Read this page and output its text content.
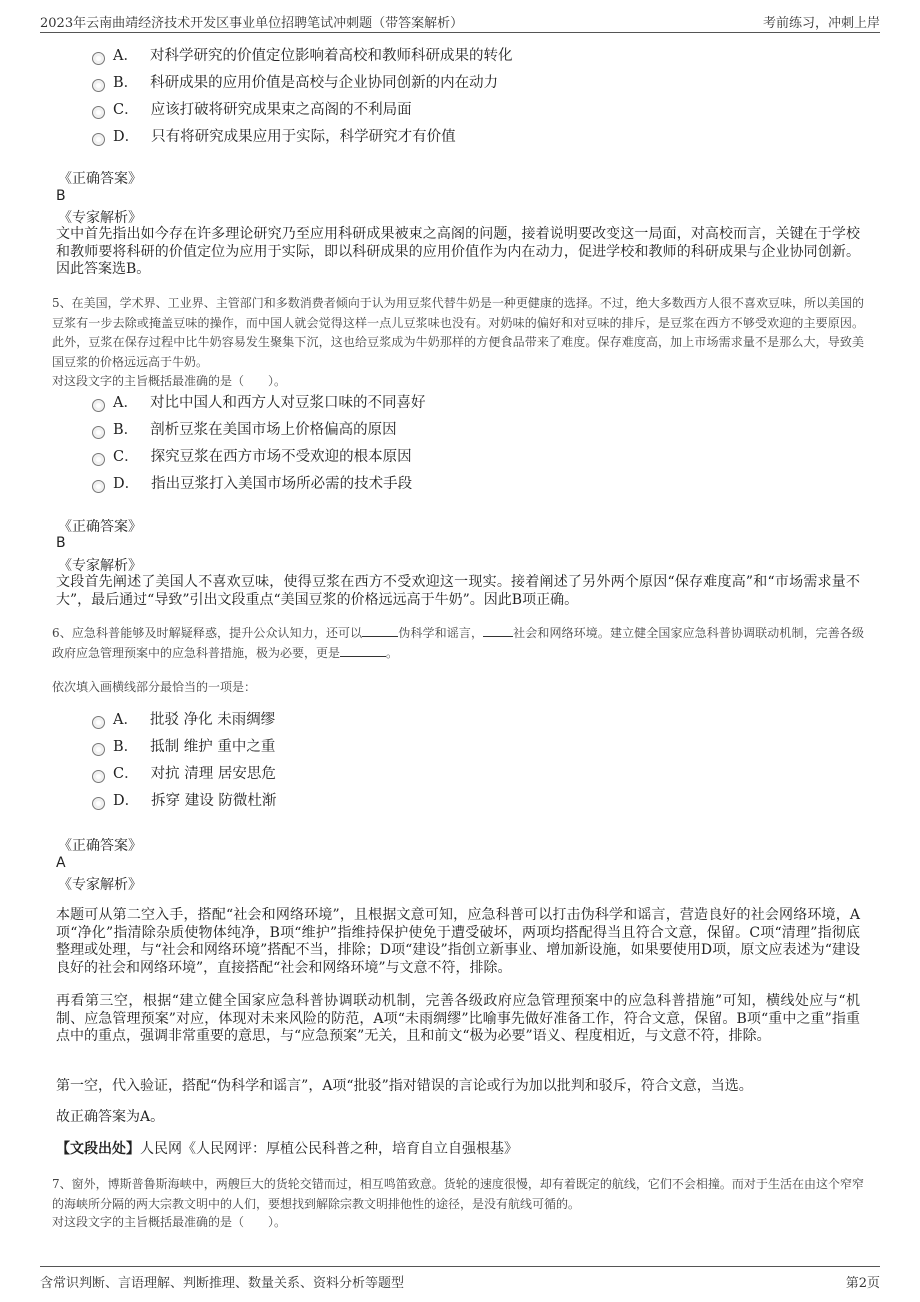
2023年云南曲靖经济技术开发区事业单位招聘笔试冲刺题（带答案解析）	考前练习，冲刺上岸
A． 对科学研究的价值定位影响着高校和教师科研成果的转化
B． 科研成果的应用价值是高校与企业协同创新的内在动力
C． 应该打破将研究成果束之高阁的不利局面
D． 只有将研究成果应用于实际，科学研究才有价值
《正确答案》
B
《专家解析》
文中首先指出如今存在许多理论研究乃至应用科研成果被束之高阁的问题，接着说明要改变这一局面，对高校而言，关键在于学校和教师要将科研的价值定位为应用于实际，即以科研成果的应用价值作为内在动力，促进学校和教师的科研成果与企业协同创新。因此答案选B。
5、在美国，学术界、工业界、主管部门和多数消费者倾向于认为用豆浆代替牛奶是一种更健康的选择。不过，绝大多数西方人很不喜欢豆味，所以美国的豆浆有一步去除或掩盖豆味的操作，而中国人就会觉得这样一点儿豆浆味也没有。对奶味的偏好和对豆味的排斥，是豆浆在西方不够受欢迎的主要原因。此外，豆浆在保存过程中比牛奶容易发生聚集下沉，这也给豆浆成为牛奶那样的方便食品带来了难度。保存难度高，加上市场需求量不是那么大，导致美国豆浆的价格远远高于牛奶。
对这段文字的主旨概括最准确的是（　　）。
A． 对比中国人和西方人对豆浆口味的不同喜好
B． 剖析豆浆在美国市场上价格偏高的原因
C． 探究豆浆在西方市场不受欢迎的根本原因
D． 指出豆浆打入美国市场所必需的技术手段
《正确答案》
B
《专家解析》
文段首先阐述了美国人不喜欢豆味，使得豆浆在西方不受欢迎这一现实。接着阐述了另外两个原因“保存难度高”和“市场需求量不大”，最后通过“导致”引出文段重点“美国豆浆的价格远远高于牛奶”。因此B项正确。
6、应急科普能够及时解疑释惑，提升公众认知力，还可以	伪科学和谣言，	社会和网络环境。建立健全国家应急科普协调联动机制，完善各级政府应急管理预案中的应急科普措施，极为必要，更是	。
依次填入画横线部分最恰当的一项是：
A． 批驳 净化 未雨绸缪
B． 抵制 维护 重中之重
C． 对抗 清理 居安思危
D． 拆穿 建设 防微杜渐
《正确答案》
A
《专家解析》
本题可从第二空入手，搭配“社会和网络环境”，且根据文意可知，应急科普可以打击伪科学和谣言，营造良好的社会网络环境，A项“净化”指清除杂质使物体纯净，B项“维护”指维持保护使免于遭受破坏，两项均搭配得当且符合文意，保留。C项“清理”指彻底整理或处理，与“社会和网络环境”搭配不当，排除；D项“建设”指创立新事业、增加新设施，如果要使用D项，原文应表述为“建设良好的社会和网络环境”，直接搭配“社会和网络环境”与文意不符，排除。
再看第三空，根据“建立健全国家应急科普协调联动机制，完善各级政府应急管理预案中的应急科普措施”可知，横线处应与“机制、应急管理预案”对应，体现对未来风险的防范，A项“未雨绸缪”比喻事先做好准备工作，符合文意，保留。B项“重中之重”指重点中的重点，强调非常重要的意思，与“应急预案”无关，且和前文“极为必要”语义、程度相近，与文意不符，排除。
第一空，代入验证，搭配“伪科学和谣言”，A项“批驳”指对错误的言论或行为加以批判和驳斥，符合文意，当选。
故正确答案为A。
【文段出处】人民网《人民网评：厚植公民科普之种，培育自立自强根基》
7、窗外，博斯普鲁斯海峡中，两艘巨大的货轮交错而过，相互鸣笛致意。货轮的速度很慢，却有着既定的航线，它们不会相撞。而对于生活在由这个窄窄的海峡所分隔的两大宗教文明中的人们，要想找到解除宗教文明排他性的途径，是没有航线可循的。
对这段文字的主旨概括最准确的是（　　）。
含常识判断、言语理解、判断推理、数量关系、资料分析等题型	第2页
